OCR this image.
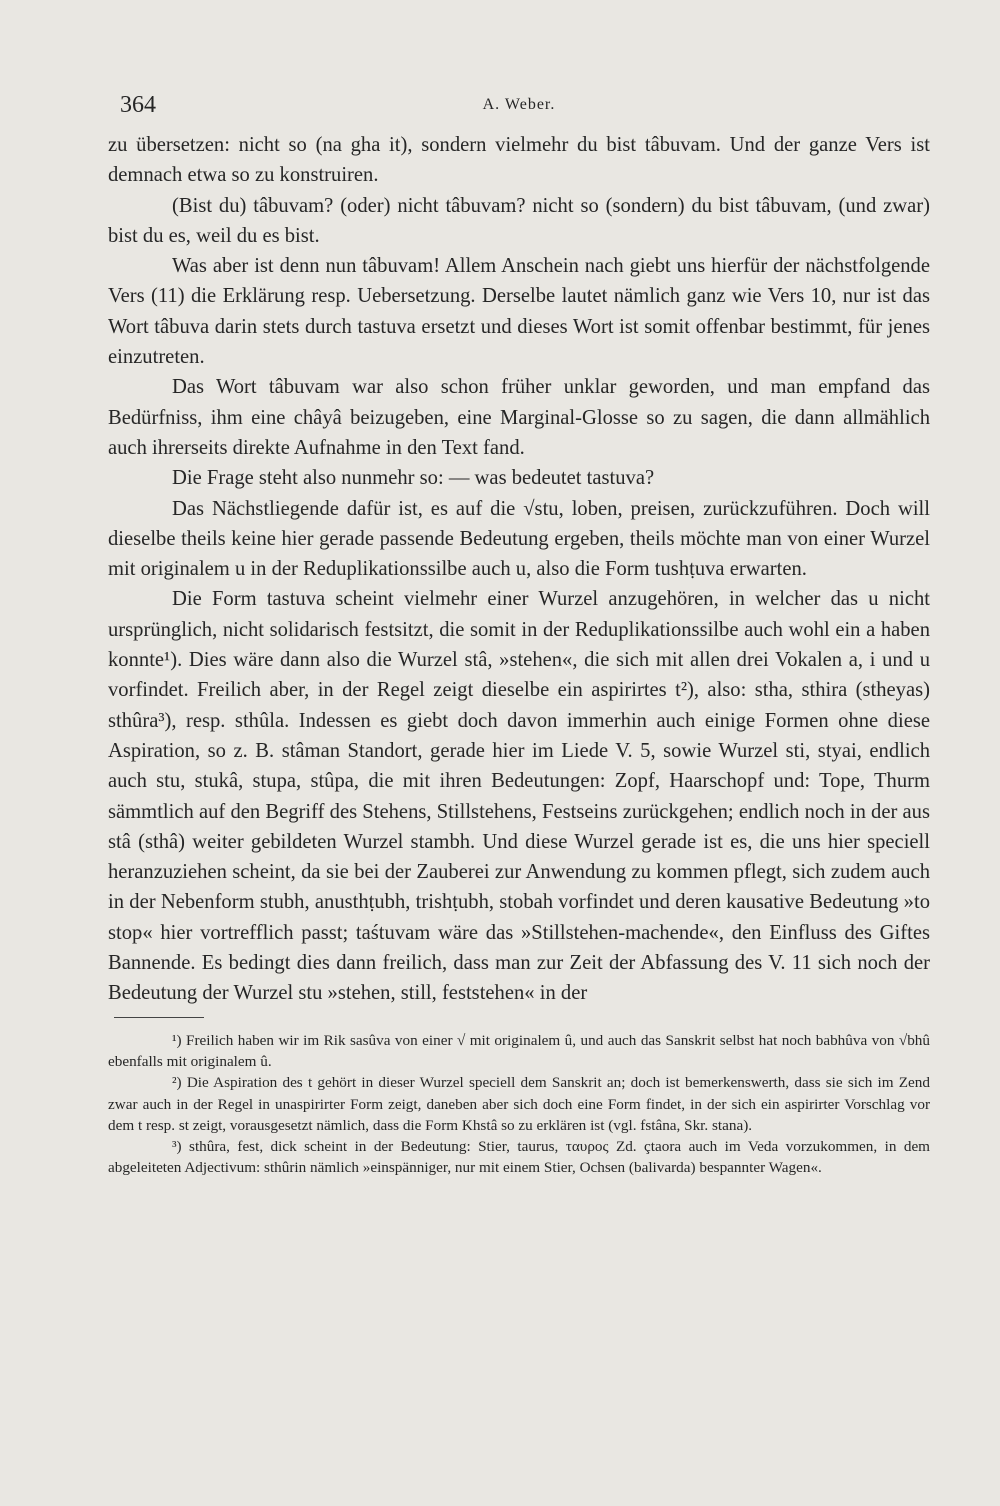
364	A. Weber.

zu übersetzen: nicht so (na gha it), sondern vielmehr du bist tâbuvam. Und der ganze Vers ist demnach etwa so zu konstruiren.

(Bist du) tâbuvam? (oder) nicht tâbuvam? nicht so (sondern) du bist tâbuvam, (und zwar) bist du es, weil du es bist.

Was aber ist denn nun tâbuvam! Allem Anschein nach giebt uns hierfür der nächstfolgende Vers (11) die Erklärung resp. Uebersetzung. Derselbe lautet nämlich ganz wie Vers 10, nur ist das Wort tâbuva darin stets durch tastuva ersetzt und dieses Wort ist somit offenbar bestimmt, für jenes einzutreten.

Das Wort tâbuvam war also schon früher unklar geworden, und man empfand das Bedürfniss, ihm eine châyâ beizugeben, eine Marginal-Glosse so zu sagen, die dann allmählich auch ihrerseits direkte Aufnahme in den Text fand.

Die Frage steht also nunmehr so: — was bedeutet tastuva?

Das Nächstliegende dafür ist, es auf die √stu, loben, preisen, zurückzuführen. Doch will dieselbe theils keine hier gerade passende Bedeutung ergeben, theils möchte man von einer Wurzel mit originalem u in der Reduplikationssilbe auch u, also die Form tushṭuva erwarten.

Die Form tastuva scheint vielmehr einer Wurzel anzugehören, in welcher das u nicht ursprünglich, nicht solidarisch festsitzt, die somit in der Reduplikationssilbe auch wohl ein a haben konnte¹). Dies wäre dann also die Wurzel stâ, »stehen«, die sich mit allen drei Vokalen a, i und u vorfindet. Freilich aber, in der Regel zeigt dieselbe ein aspirirtes t²), also: stha, sthira (stheyas) sthûra³), resp. sthûla. Indessen es giebt doch davon immerhin auch einige Formen ohne diese Aspiration, so z. B. stâman Standort, gerade hier im Liede V. 5, sowie Wurzel sti, styai, endlich auch stu, stukâ, stupa, stûpa, die mit ihren Bedeutungen: Zopf, Haarschopf und: Tope, Thurm sämmtlich auf den Begriff des Stehens, Stillstehens, Festseins zurückgehen; endlich noch in der aus stâ (sthâ) weiter gebildeten Wurzel stambh. Und diese Wurzel gerade ist es, die uns hier speciell heranzuziehen scheint, da sie bei der Zauberei zur Anwendung zu kommen pflegt, sich zudem auch in der Nebenform stubh, anusthṭubh, trishṭubh, stobah vorfindet und deren kausative Bedeutung »to stop« hier vortrefflich passt; taśtuvam wäre das »Stillstehen-machende«, den Einfluss des Giftes Bannende. Es bedingt dies dann freilich, dass man zur Zeit der Abfassung des V. 11 sich noch der Bedeutung der Wurzel stu »stehen, still, feststehen« in der

¹) Freilich haben wir im Rik sasûva von einer √ mit originalem û, und auch das Sanskrit selbst hat noch babhûva von √bhû ebenfalls mit originalem û.

²) Die Aspiration des t gehört in dieser Wurzel speciell dem Sanskrit an; doch ist bemerkenswerth, dass sie sich im Zend zwar auch in der Regel in unaspirirter Form zeigt, daneben aber sich doch eine Form findet, in der sich ein aspirirter Vorschlag vor dem t resp. st zeigt, vorausgesetzt nämlich, dass die Form Khstâ so zu erklären ist (vgl. fstâna, Skr. stana).

³) sthûra, fest, dick scheint in der Bedeutung: Stier, taurus, ταυρος Zd. çtaora auch im Veda vorzukommen, in dem abgeleiteten Adjectivum: sthûrin nämlich »einspänniger, nur mit einem Stier, Ochsen (balivarda) bespannter Wagen«.
